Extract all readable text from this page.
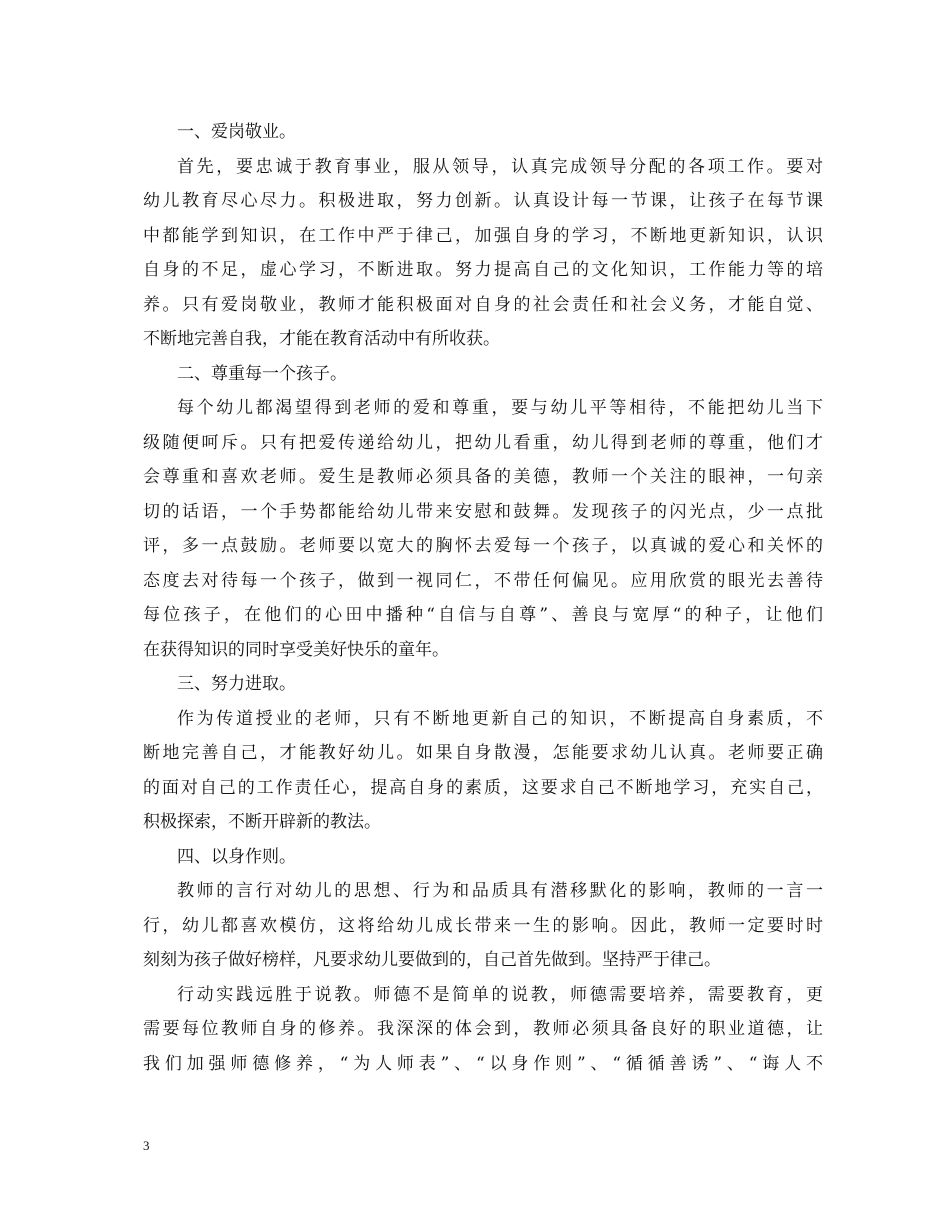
一、爱岗敬业。
首先，要忠诚于教育事业，服从领导，认真完成领导分配的各项工作。要对
幼儿教育尽心尽力。积极进取，努力创新。认真设计每一节课，让孩子在每节课
中都能学到知识，在工作中严于律己，加强自身的学习，不断地更新知识，认识
自身的不足，虚心学习，不断进取。努力提高自己的文化知识，工作能力等的培
养。只有爱岗敬业，教师才能积极面对自身的社会责任和社会义务，才能自觉、
不断地完善自我，才能在教育活动中有所收获。
二、尊重每一个孩子。
每个幼儿都渴望得到老师的爱和尊重，要与幼儿平等相待，不能把幼儿当下
级随便呵斥。只有把爱传递给幼儿，把幼儿看重，幼儿得到老师的尊重，他们才
会尊重和喜欢老师。爱生是教师必须具备的美德，教师一个关注的眼神，一句亲
切的话语，一个手势都能给幼儿带来安慰和鼓舞。发现孩子的闪光点，少一点批
评，多一点鼓励。老师要以宽大的胸怀去爱每一个孩子，以真诚的爱心和关怀的
态度去对待每一个孩子，做到一视同仁，不带任何偏见。应用欣赏的眼光去善待
每位孩子，在他们的心田中播种“自信与自尊”、善良与宽厚“的种子，让他们
在获得知识的同时享受美好快乐的童年。
三、努力进取。
作为传道授业的老师，只有不断地更新自己的知识，不断提高自身素质，不
断地完善自己，才能教好幼儿。如果自身散漫，怎能要求幼儿认真。老师要正确
的面对自己的工作责任心，提高自身的素质，这要求自己不断地学习，充实自己，
积极探索，不断开辟新的教法。
四、以身作则。
教师的言行对幼儿的思想、行为和品质具有潜移默化的影响，教师的一言一
行，幼儿都喜欢模仿，这将给幼儿成长带来一生的影响。因此，教师一定要时时
刻刻为孩子做好榜样，凡要求幼儿要做到的，自己首先做到。坚持严于律己。
行动实践远胜于说教。师德不是简单的说教，师德需要培养，需要教育，更
需要每位教师自身的修养。我深深的体会到，教师必须具备良好的职业道德，让
我们加强师德修养，“为人师表”、“以身作则”、“循循善诱”、“诲人不
3
